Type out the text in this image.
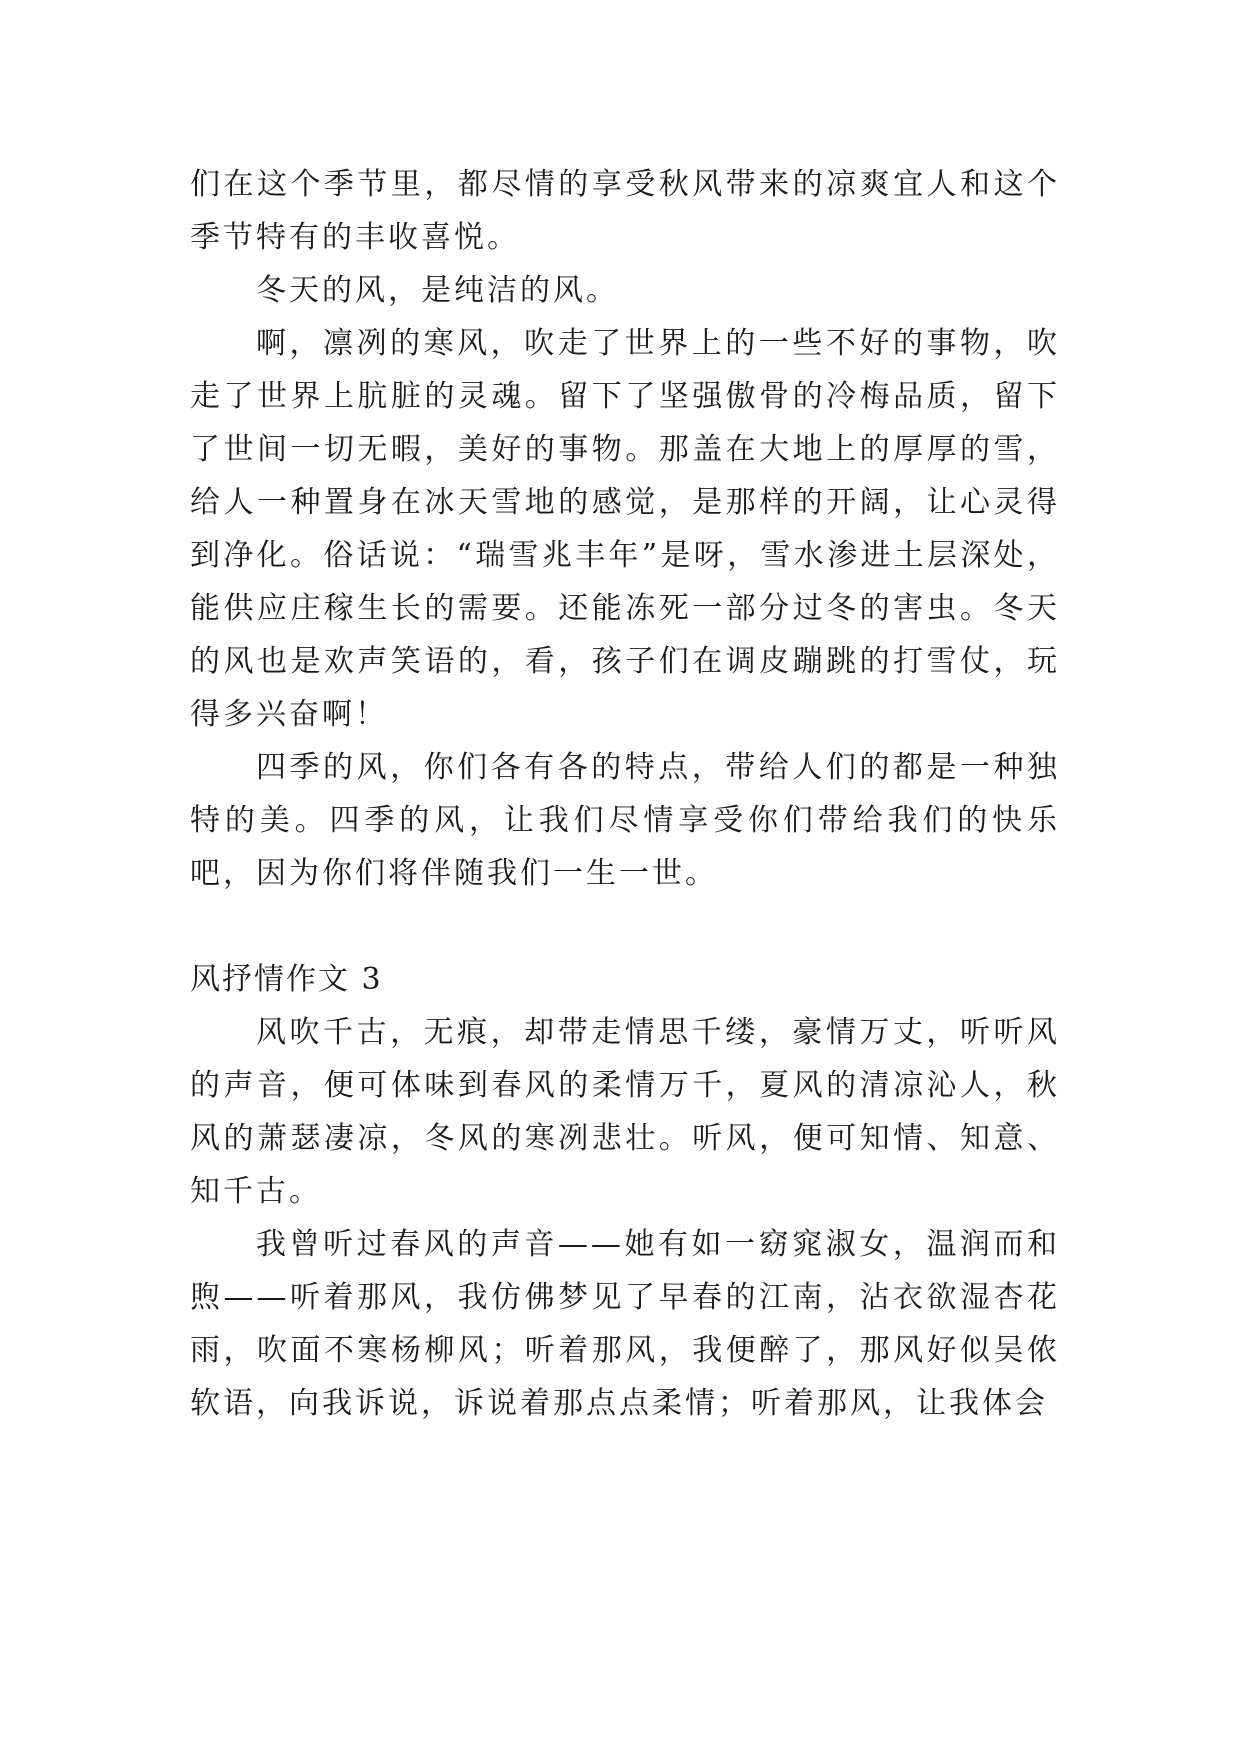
们在这个季节里，都尽情的享受秋风带来的凉爽宜人和这个季节特有的丰收喜悦。

冬天的风，是纯洁的风。

啊，凛冽的寒风，吹走了世界上的一些不好的事物，吹走了世界上肮脏的灵魂。留下了坚强傲骨的冷梅品质，留下了世间一切无暇，美好的事物。那盖在大地上的厚厚的雪，给人一种置身在冰天雪地的感觉，是那样的开阔，让心灵得到净化。俗话说：“瑞雪兆丰年”是呀，雪水渗进土层深处，能供应庄稼生长的需要。还能冻死一部分过冬的害虫。冬天的风也是欢声笑语的，看，孩子们在调皮蹦跳的打雪仗，玩得多兴奋啊！

四季的风，你们各有各的特点，带给人们的都是一种独特的美。四季的风，让我们尽情享受你们带给我们的快乐吧，因为你们将伴随我们一生一世。

风抒情作文 3

风吹千古，无痕，却带走情思千缕，豪情万丈，听听风的声音，便可体味到春风的柔情万千，夏风的清凉沁人，秋风的萧瑟凄凉，冬风的寒冽悲壮。听风，便可知情、知意、知千古。

我曾听过春风的声音——她有如一窈窕淑女，温润而和煦——听着那风，我仿佛梦见了早春的江南，沾衣欲湿杏花雨，吹面不寒杨柳风；听着那风，我便醉了，那风好似吴侬软语，向我诉说，诉说着那点点柔情；听着那风，让我体会
